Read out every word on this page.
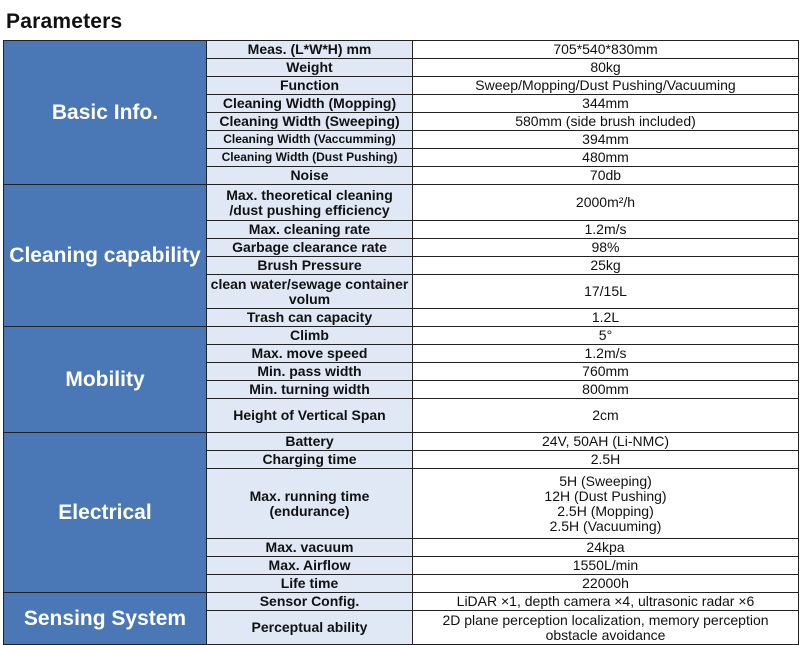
Parameters
Basic Info.	Meas. (L*W*H) mm	705*540*830mm
	Weight	80kg
	Function	Sweep/Mopping/Dust Pushing/Vacuuming
	Cleaning Width (Mopping)	344mm
	Cleaning Width (Sweeping)	580mm (side brush included)
	Cleaning Width (Vaccumming)	394mm
	Cleaning Width (Dust Pushing)	480mm
	Noise	70db
Cleaning capability	Max. theoretical cleaning /dust pushing efficiency	2000m²/h
	Max. cleaning rate	1.2m/s
	Garbage clearance rate	98%
	Brush Pressure	25kg
	clean water/sewage container volum	17/15L
	Trash can capacity	1.2L
Mobility	Climb	5°
	Max. move speed	1.2m/s
	Min. pass width	760mm
	Min. turning width	800mm
	Height of Vertical Span	2cm
Electrical	Battery	24V, 50AH (Li-NMC)
	Charging time	2.5H
	Max. running time (endurance)	5H (Sweeping)
12H (Dust Pushing)
2.5H (Mopping)
2.5H (Vacuuming)
	Max. vacuum	24kpa
	Max. Airflow	1550L/min
	Life time	22000h
Sensing System	Sensor Config.	LiDAR ×1, depth camera ×4, ultrasonic radar ×6
	Perceptual ability	2D plane perception localization, memory perception obstacle avoidance
